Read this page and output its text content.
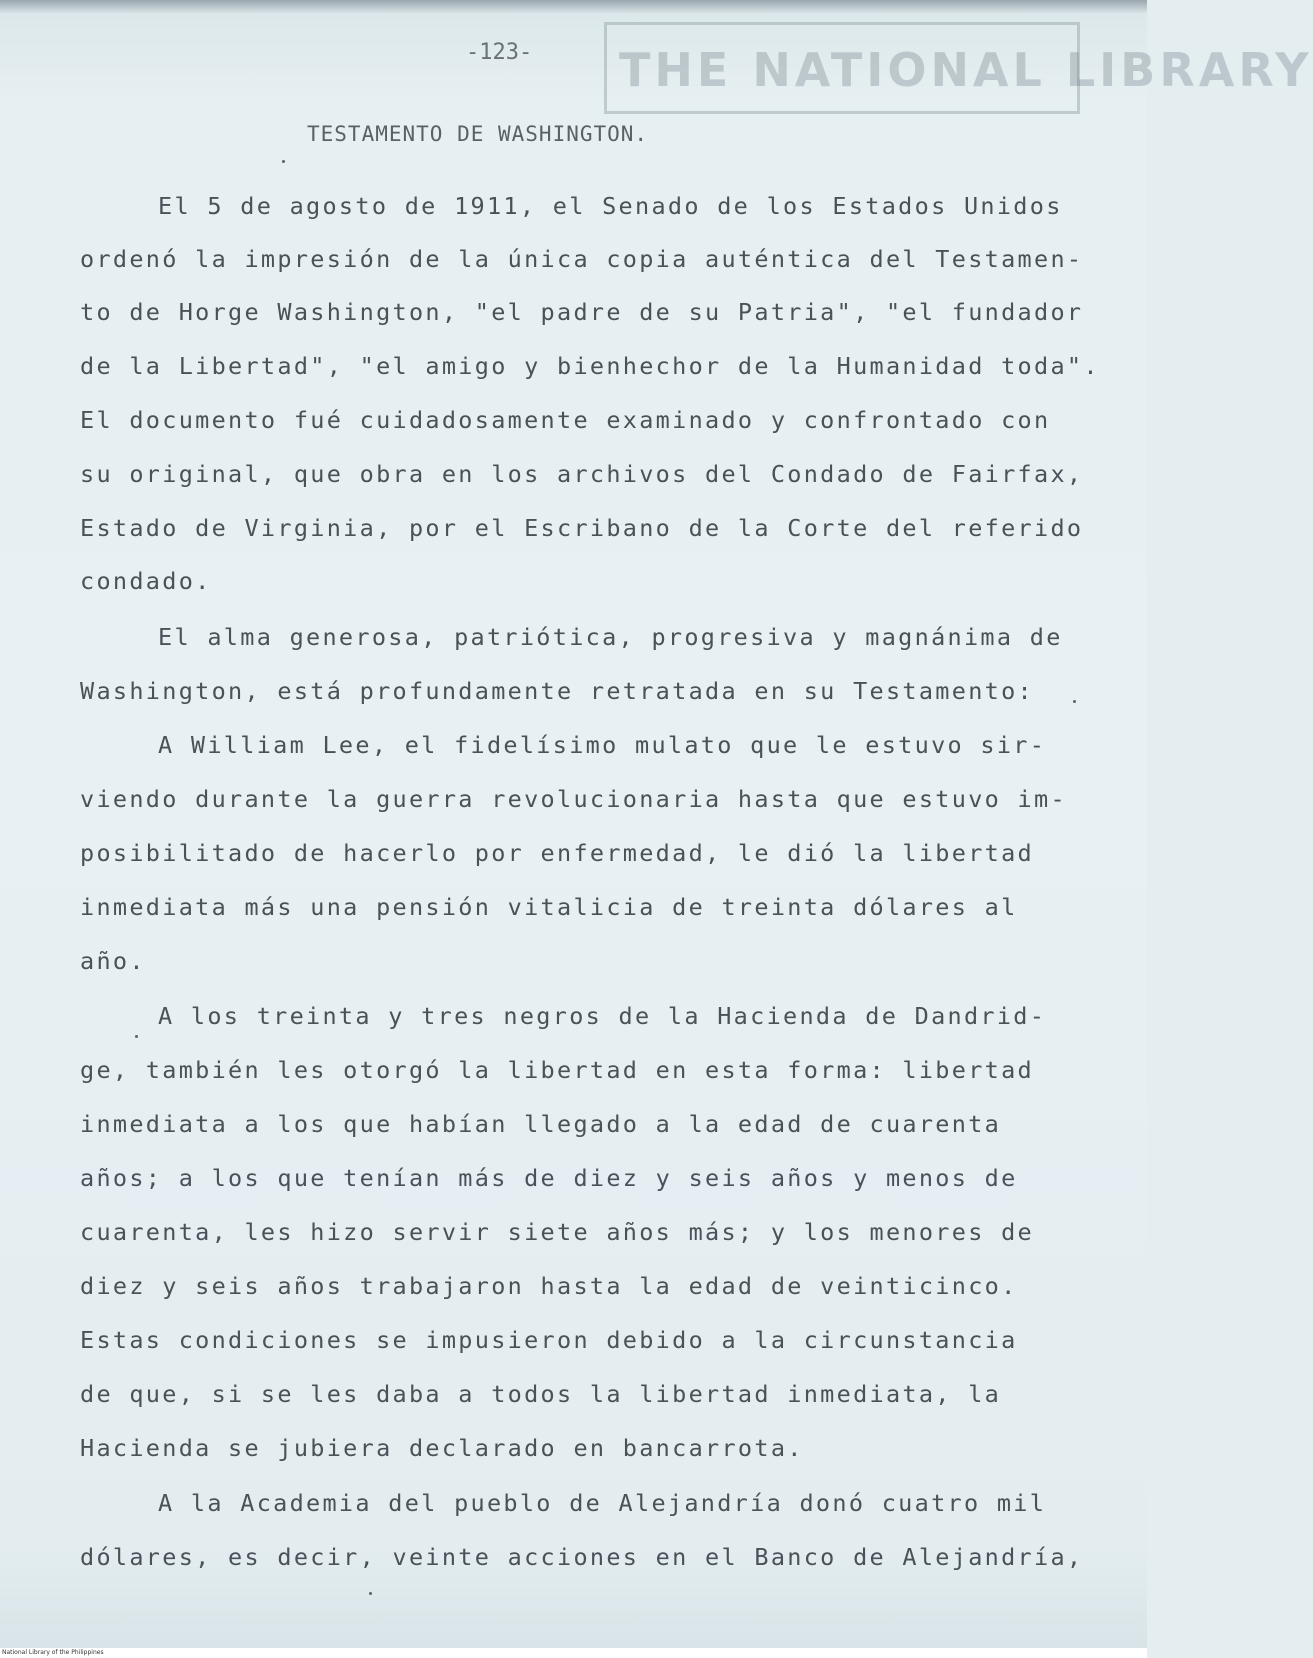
THE NATIONAL LIBRARY
-123-
TESTAMENTO DE WASHINGTON.
El 5 de agosto de 1911, el Senado de los Estados Unidos
ordenó la impresión de la única copia auténtica del Testamen-
to de Horge Washington, "el padre de su Patria", "el fundador
de la Libertad", "el amigo y bienhechor de la Humanidad toda".
El documento fué cuidadosamente examinado y confrontado con
su original, que obra en los archivos del Condado de Fairfax,
Estado de Virginia, por el Escribano de la Corte del referido
condado.
El alma generosa, patriótica, progresiva y magnánima de
Washington, está profundamente retratada en su Testamento:
A William Lee, el fidelísimo mulato que le estuvo sir-
viendo durante la guerra revolucionaria hasta que estuvo im-
posibilitado de hacerlo por enfermedad, le dió la libertad
inmediata más una pensión vitalicia de treinta dólares al
año.
A los treinta y tres negros de la Hacienda de Dandrid-
ge, también les otorgó la libertad en esta forma: libertad
inmediata a los que habían llegado a la edad de cuarenta
años; a los que tenían más de diez y seis años y menos de
cuarenta, les hizo servir siete años más; y los menores de
diez y seis años trabajaron hasta la edad de veinticinco.
Estas condiciones se impusieron debido a la circunstancia
de que, si se les daba a todos la libertad inmediata, la
Hacienda se jubiera declarado en bancarrota.
A la Academia del pueblo de Alejandría donó cuatro mil
dólares, es decir, veinte acciones en el Banco de Alejandría,
National Library of the Philippines
